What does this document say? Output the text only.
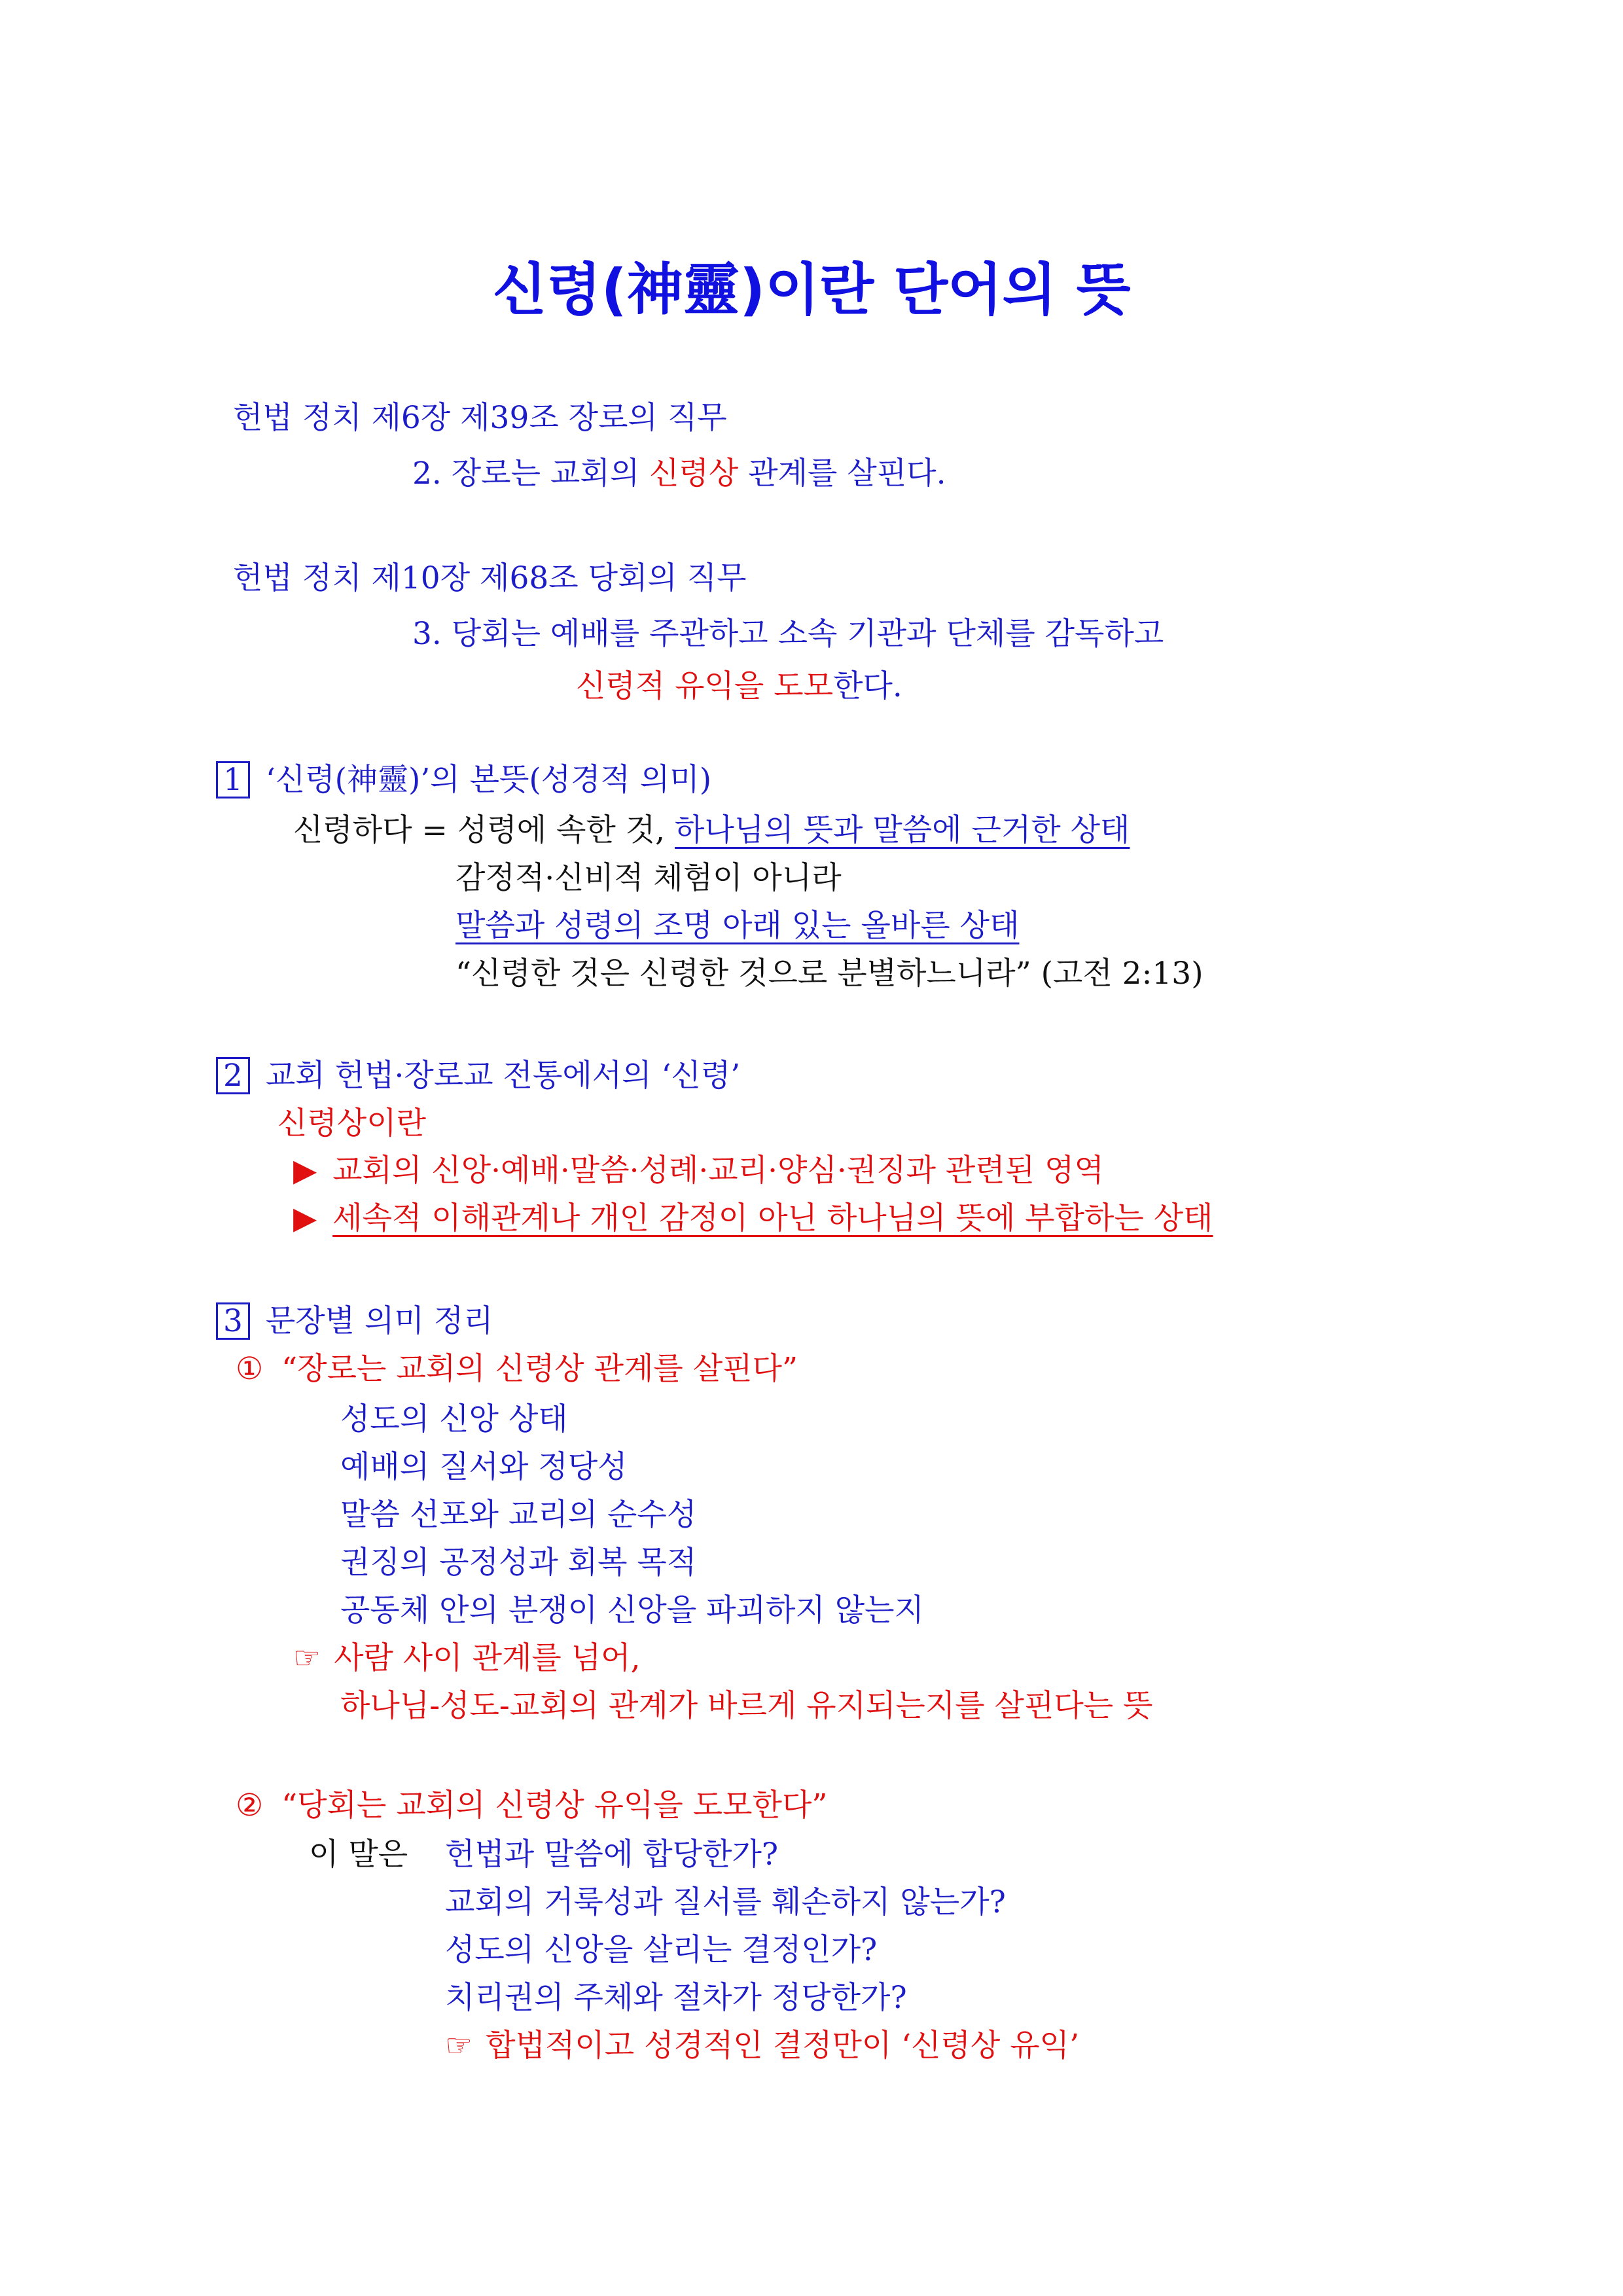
신령(神靈)이란 단어의 뜻
헌법 정치 제6장 제39조 장로의 직무
2. 장로는 교회의 신령상 관계를 살핀다.
헌법 정치 제10장 제68조 당회의 직무
3. 당회는 예배를 주관하고 소속 기관과 단체를 감독하고
신령적 유익을 도모한다.
1 ‘신령(神靈)’의 본뜻(성경적 의미)
신령하다 = 성령에 속한 것, 하나님의 뜻과 말씀에 근거한 상태
감정적·신비적 체험이 아니라
말씀과 성령의 조명 아래 있는 올바른 상태
“신령한 것은 신령한 것으로 분별하느니라” (고전 2:13)
2 교회 헌법·장로교 전통에서의 ‘신령’
신령상이란
▶ 교회의 신앙·예배·말씀·성례·교리·양심·권징과 관련된 영역
▶ 세속적 이해관계나 개인 감정이 아닌 하나님의 뜻에 부합하는 상태
3 문장별 의미 정리
① “장로는 교회의 신령상 관계를 살핀다”
성도의 신앙 상태
예배의 질서와 정당성
말씀 선포와 교리의 순수성
권징의 공정성과 회복 목적
공동체 안의 분쟁이 신앙을 파괴하지 않는지
☞ 사람 사이 관계를 넘어,
하나님-성도-교회의 관계가 바르게 유지되는지를 살핀다는 뜻
② “당회는 교회의 신령상 유익을 도모한다”
이 말은 헌법과 말씀에 합당한가?
교회의 거룩성과 질서를 훼손하지 않는가?
성도의 신앙을 살리는 결정인가?
치리권의 주체와 절차가 정당한가?
☞ 합법적이고 성경적인 결정만이 ‘신령상 유익’
